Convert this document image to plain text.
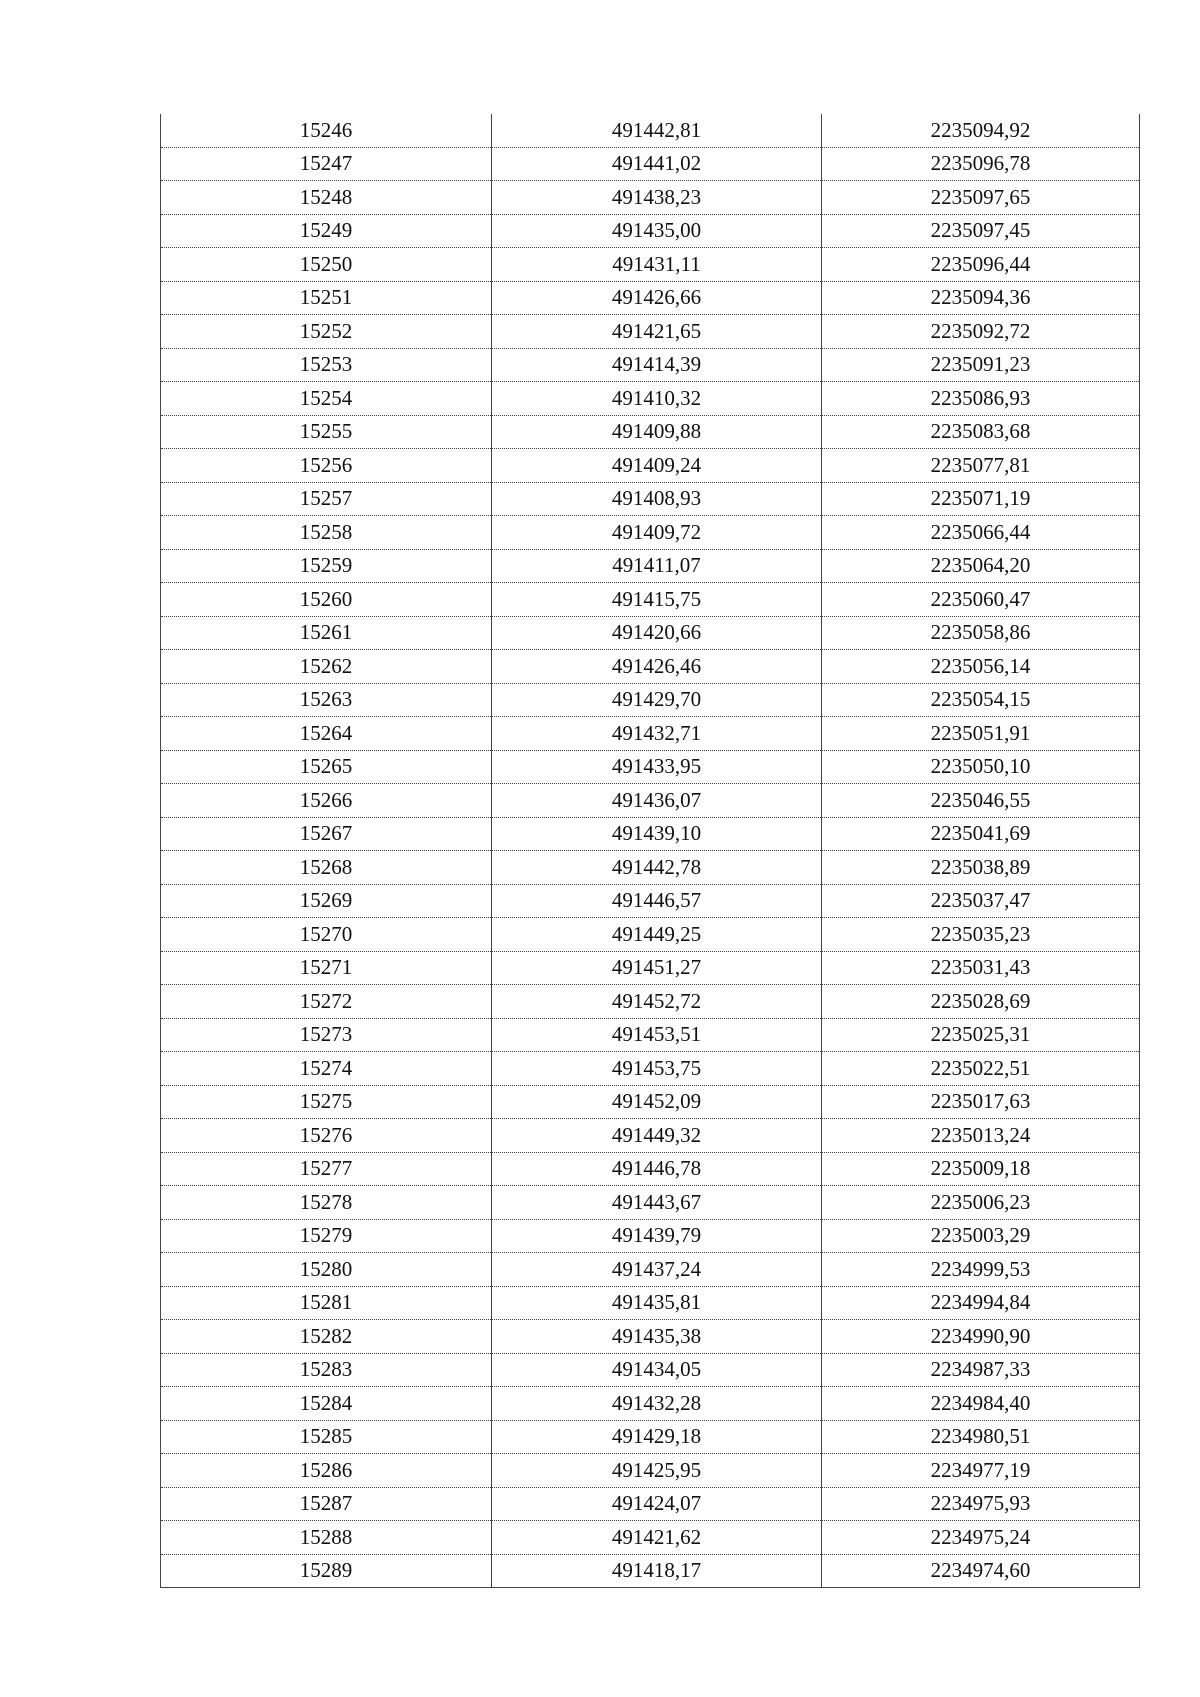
15246	491442,81	2235094,92
15247	491441,02	2235096,78
15248	491438,23	2235097,65
15249	491435,00	2235097,45
15250	491431,11	2235096,44
15251	491426,66	2235094,36
15252	491421,65	2235092,72
15253	491414,39	2235091,23
15254	491410,32	2235086,93
15255	491409,88	2235083,68
15256	491409,24	2235077,81
15257	491408,93	2235071,19
15258	491409,72	2235066,44
15259	491411,07	2235064,20
15260	491415,75	2235060,47
15261	491420,66	2235058,86
15262	491426,46	2235056,14
15263	491429,70	2235054,15
15264	491432,71	2235051,91
15265	491433,95	2235050,10
15266	491436,07	2235046,55
15267	491439,10	2235041,69
15268	491442,78	2235038,89
15269	491446,57	2235037,47
15270	491449,25	2235035,23
15271	491451,27	2235031,43
15272	491452,72	2235028,69
15273	491453,51	2235025,31
15274	491453,75	2235022,51
15275	491452,09	2235017,63
15276	491449,32	2235013,24
15277	491446,78	2235009,18
15278	491443,67	2235006,23
15279	491439,79	2235003,29
15280	491437,24	2234999,53
15281	491435,81	2234994,84
15282	491435,38	2234990,90
15283	491434,05	2234987,33
15284	491432,28	2234984,40
15285	491429,18	2234980,51
15286	491425,95	2234977,19
15287	491424,07	2234975,93
15288	491421,62	2234975,24
15289	491418,17	2234974,60
